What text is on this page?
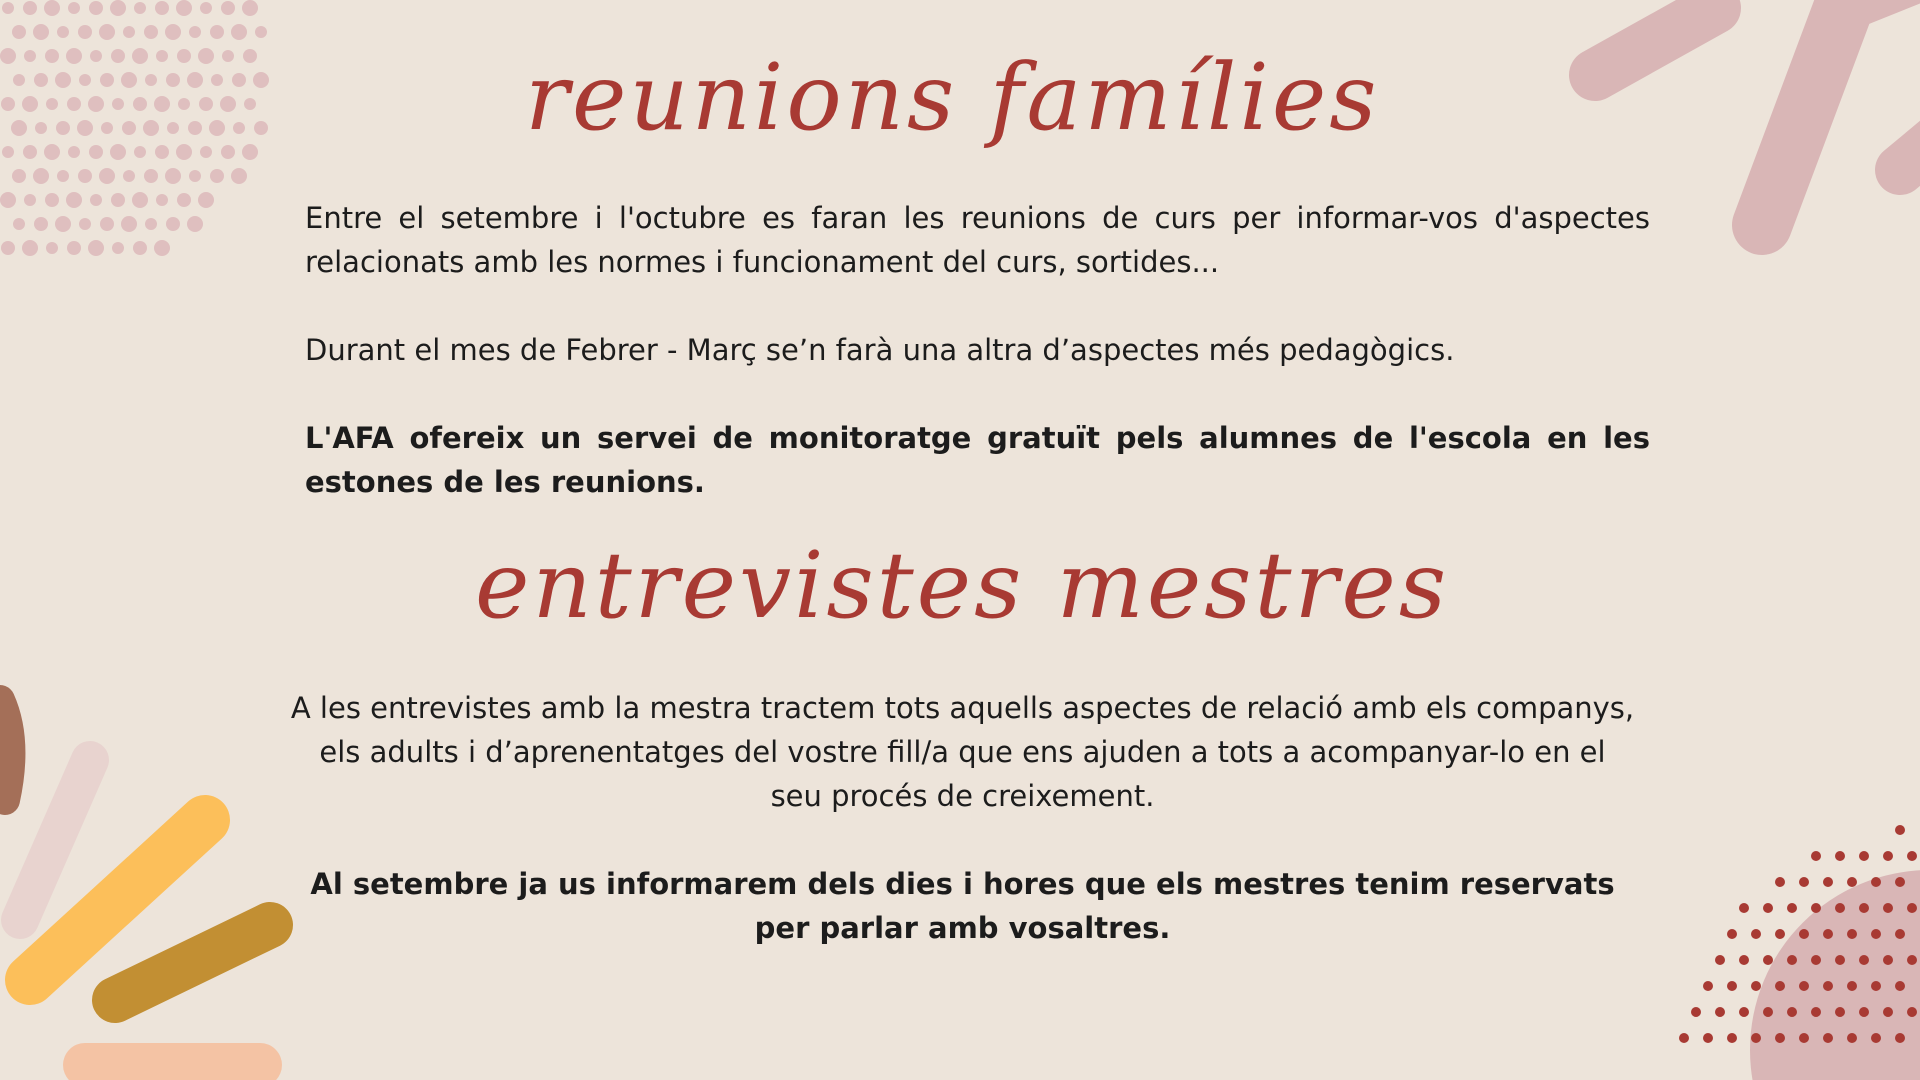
reunions famílies

Entre el setembre i l'octubre es faran les reunions de curs per informar-vos d'aspectes relacionats amb les normes i funcionament del curs, sortides...

Durant el mes de Febrer - Març se’n farà una altra d’aspectes més pedagògics.

L'AFA ofereix un servei de monitoratge gratuït pels alumnes de l'escola en les estones de les reunions.

entrevistes mestres

A les entrevistes amb la mestra tractem tots aquells aspectes de relació amb els companys, els adults i d’aprenentatges del vostre fill/a que ens ajuden a tots a acompanyar-lo en el seu procés de creixement.

Al setembre ja us informarem dels dies i hores que els mestres tenim reservats per parlar amb vosaltres.
